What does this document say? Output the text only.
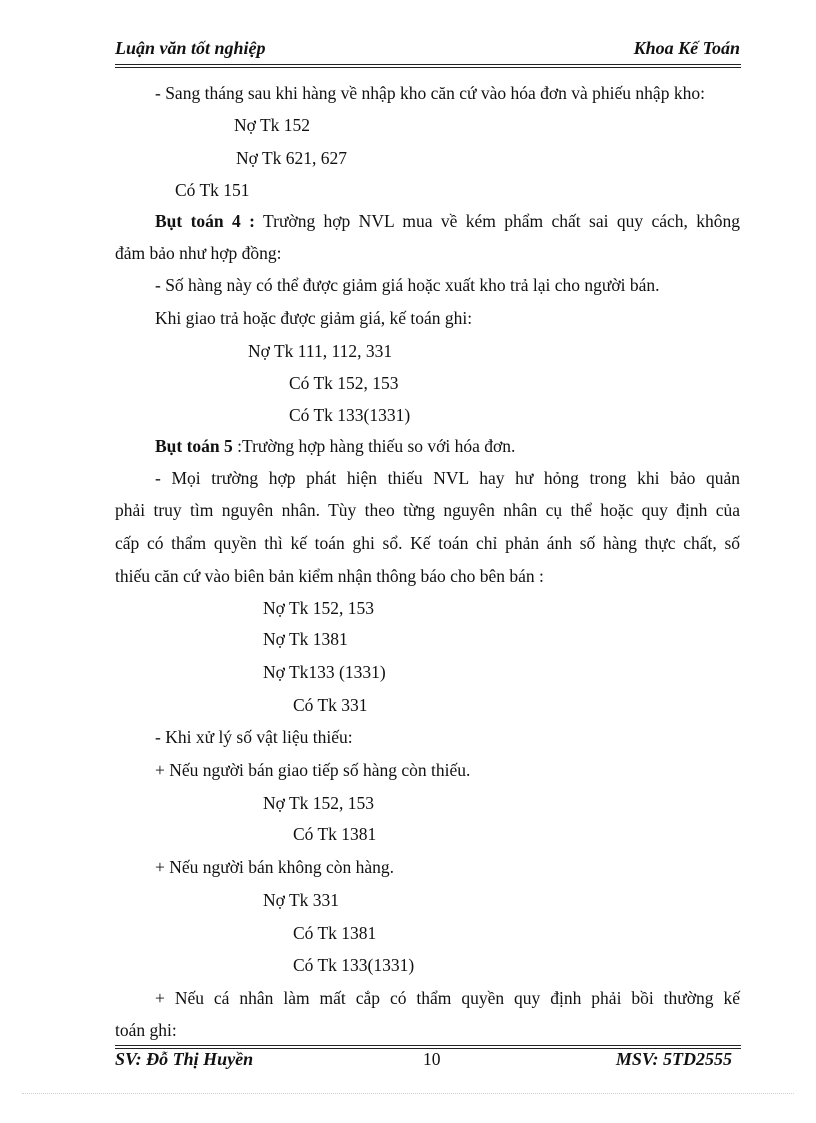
Luận văn tốt nghiệp	Khoa Kế Toán
- Sang tháng sau khi hàng về nhập kho căn cứ vào hóa đơn và phiếu nhập kho:
Nợ Tk 152
Nợ Tk 621, 627
Có Tk 151
Bụt toán 4 : Trường hợp NVL mua về kém phẩm chất sai quy cách, không
đảm bảo như hợp đồng:
- Số hàng này có thể được giảm giá hoặc xuất kho trả lại cho người bán.
Khi giao trả hoặc được giảm giá, kế toán ghi:
Nợ Tk 111, 112, 331
Có Tk 152, 153
Có Tk 133(1331)
Bụt toán 5 :Trường hợp hàng thiếu so với hóa đơn.
- Mọi trường hợp phát hiện thiếu NVL hay hư hỏng trong khi bảo quản
phải truy tìm nguyên nhân. Tùy theo từng nguyên nhân cụ thể hoặc quy định của
cấp có thẩm quyền thì kế toán ghi sổ. Kế toán chỉ phản ánh số hàng thực chất, số
thiếu căn cứ vào biên bản kiểm nhận thông báo cho bên bán :
Nợ Tk 152, 153
Nợ Tk 1381
Nợ Tk133 (1331)
Có Tk 331
- Khi xử lý số vật liệu thiếu:
+ Nếu người bán giao tiếp số hàng còn thiếu.
Nợ Tk 152, 153
Có Tk 1381
+ Nếu người bán không còn hàng.
Nợ Tk 331
Có Tk 1381
Có Tk 133(1331)
+ Nếu cá nhân làm mất cắp có thẩm quyền quy định phải bồi thường kế
toán ghi:
SV: Đỗ Thị Huyền	10	MSV: 5TD2555
